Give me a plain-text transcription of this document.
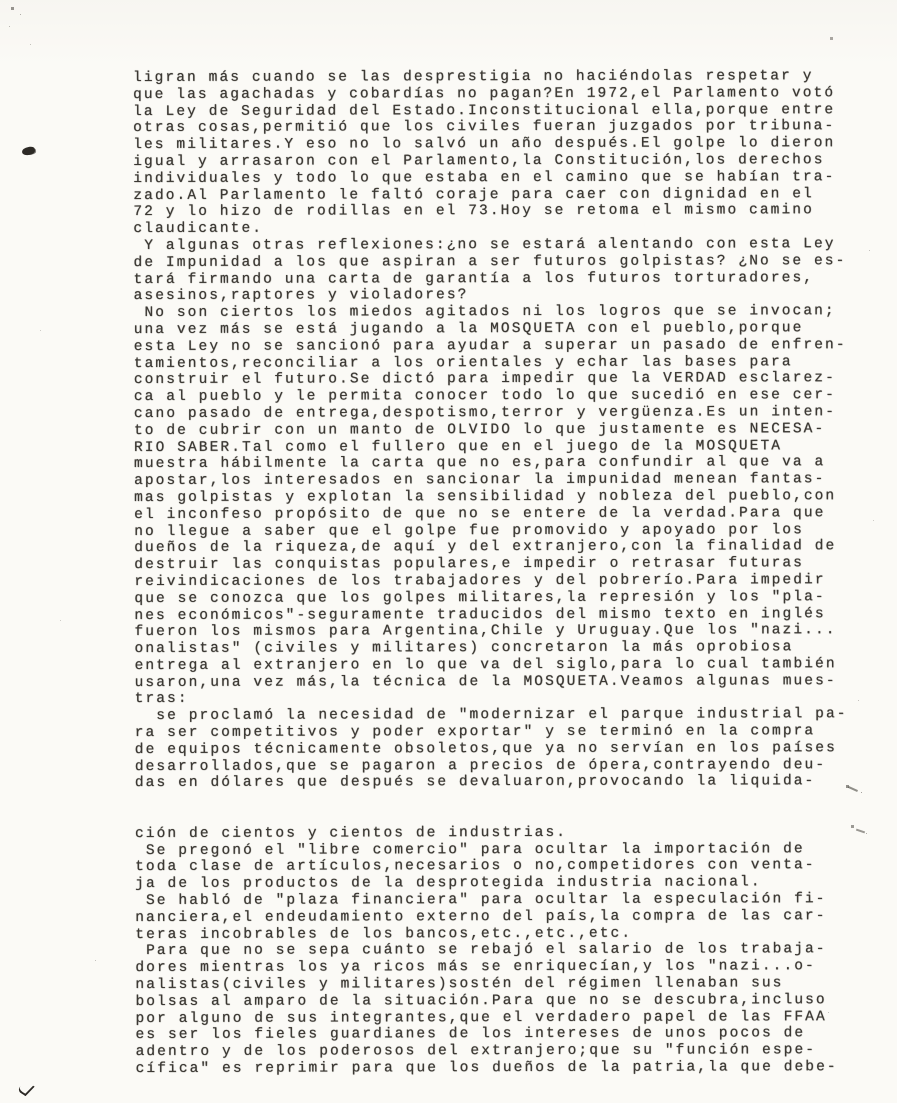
ligran más cuando se las desprestigia no haciéndolas respetar y
que las agachadas y cobardías no pagan?En 1972,el Parlamento votó
la Ley de Seguridad del Estado.Inconstitucional ella,porque entre
otras cosas,permitió que los civiles fueran juzgados por tribuna-
les militares.Y eso no lo salvó un año después.El golpe lo dieron
igual y arrasaron con el Parlamento,la Constitución,los derechos
individuales y todo lo que estaba en el camino que se habían tra-
zado.Al Parlamento le faltó coraje para caer con dignidad en el
72 y lo hizo de rodillas en el 73.Hoy se retoma el mismo camino
claudicante.
Y algunas otras reflexiones:¿no se estará alentando con esta Ley
de Impunidad a los que aspiran a ser futuros golpistas? ¿No se es-
tará firmando una carta de garantía a los futuros torturadores,
asesinos,raptores y violadores?
No son ciertos los miedos agitados ni los logros que se invocan;
una vez más se está jugando a la MOSQUETA con el pueblo,porque
esta Ley no se sancionó para ayudar a superar un pasado de enfren-
tamientos,reconciliar a los orientales y echar las bases para
construir el futuro.Se dictó para impedir que la VERDAD esclarez-
ca al pueblo y le permita conocer todo lo que sucedió en ese cer-
cano pasado de entrega,despotismo,terror y vergüenza.Es un inten-
to de cubrir con un manto de OLVIDO lo que justamente es NECESA-
RIO SABER.Tal como el fullero que en el juego de la MOSQUETA
muestra hábilmente la carta que no es,para confundir al que va a
apostar,los interesados en sancionar la impunidad menean fantas-
mas golpistas y explotan la sensibilidad y nobleza del pueblo,con
el inconfeso propósito de que no se entere de la verdad.Para que
no llegue a saber que el golpe fue promovido y apoyado por los
dueños de la riqueza,de aquí y del extranjero,con la finalidad de
destruir las conquistas populares,e impedir o retrasar futuras
reivindicaciones de los trabajadores y del pobrerío.Para impedir
que se conozca que los golpes militares,la represión y los "pla-
nes económicos"-seguramente traducidos del mismo texto en inglés
fueron los mismos para Argentina,Chile y Uruguay.Que los "nazi...
onalistas" (civiles y militares) concretaron la más oprobiosa
entrega al extranjero en lo que va del siglo,para lo cual también
usaron,una vez más,la técnica de la MOSQUETA.Veamos algunas mues-
tras:
se proclamó la necesidad de "modernizar el parque industrial pa-
ra ser competitivos y poder exportar" y se terminó en la compra
de equipos técnicamente obsoletos,que ya no servían en los países
desarrollados,que se pagaron a precios de ópera,contrayendo deu-
das en dólares que después se devaluaron,provocando la liquida-

ción de cientos y cientos de industrias.
Se pregonó el "libre comercio" para ocultar la importación de
toda clase de artículos,necesarios o no,competidores con venta-
ja de los productos de la desprotegida industria nacional.
Se habló de "plaza financiera" para ocultar la especulación fi-
nanciera,el endeudamiento externo del país,la compra de las car-
teras incobrables de los bancos,etc.,etc.,etc.
Para que no se sepa cuánto se rebajó el salario de los trabaja-
dores mientras los ya ricos más se enriquecían,y los "nazi...o-
nalistas(civiles y militares)sostén del régimen llenaban sus
bolsas al amparo de la situación.Para que no se descubra,incluso
por alguno de sus integrantes,que el verdadero papel de las FFAA
es ser los fieles guardianes de los intereses de unos pocos de
adentro y de los poderosos del extranjero;que su "función espe-
cífica" es reprimir para que los dueños de la patria,la que debe-
